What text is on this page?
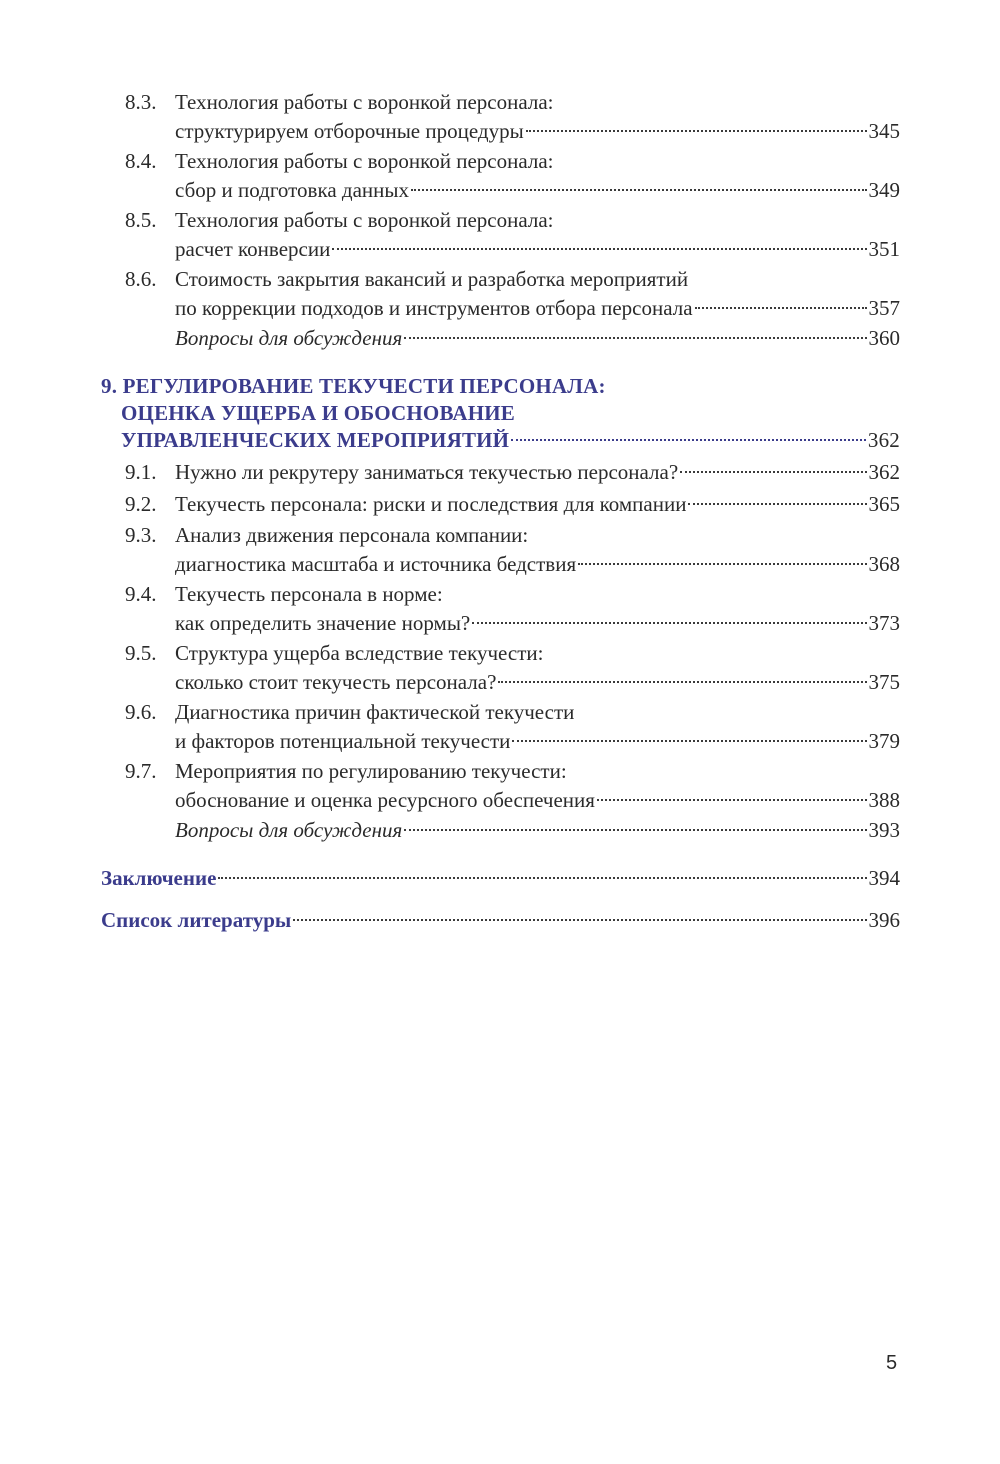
8.3. Технология работы с воронкой персонала:
структурируем отборочные процедуры	345
8.4. Технология работы с воронкой персонала:
сбор и подготовка данных	349
8.5. Технология работы с воронкой персонала:
расчет конверсии	351
8.6. Стоимость закрытия вакансий и разработка мероприятий
по коррекции подходов и инструментов отбора персонала	357
Вопросы для обсуждения	360
9. РЕГУЛИРОВАНИЕ ТЕКУЧЕСТИ ПЕРСОНАЛА:
ОЦЕНКА УЩЕРБА И ОБОСНОВАНИЕ
УПРАВЛЕНЧЕСКИХ МЕРОПРИЯТИЙ	362
9.1. Нужно ли рекрутеру заниматься текучестью персонала?	362
9.2. Текучесть персонала: риски и последствия для компании	365
9.3. Анализ движения персонала компании:
диагностика масштаба и источника бедствия	368
9.4. Текучесть персонала в норме:
как определить значение нормы?	373
9.5. Структура ущерба вследствие текучести:
сколько стоит текучесть персонала?	375
9.6. Диагностика причин фактической текучести
и факторов потенциальной текучести	379
9.7. Мероприятия по регулированию текучести:
обоснование и оценка ресурсного обеспечения	388
Вопросы для обсуждения	393
Заключение	394
Список литературы	396
5
